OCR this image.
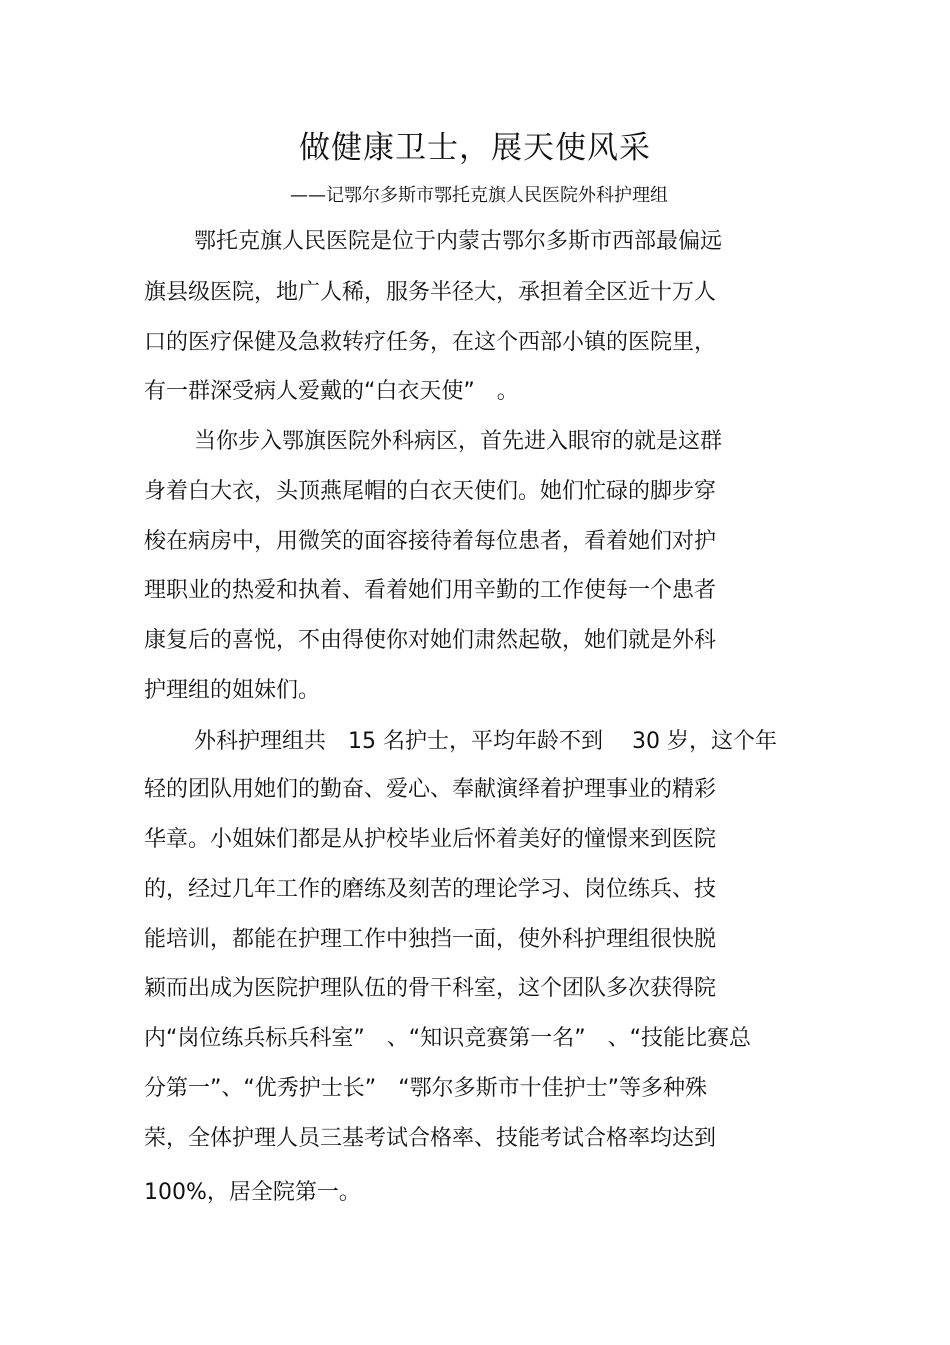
做健康卫士，展天使风采

——记鄂尔多斯市鄂托克旗人民医院外科护理组

鄂托克旗人民医院是位于内蒙古鄂尔多斯市西部最偏远

旗县级医院，地广人稀，服务半径大，承担着全区近十万人

口的医疗保健及急救转疗任务，在这个西部小镇的医院里，

有一群深受病人爱戴的“白衣天使”　。

当你步入鄂旗医院外科病区，首先进入眼帘的就是这群

身着白大衣，头顶燕尾帽的白衣天使们。她们忙碌的脚步穿

梭在病房中，用微笑的面容接待着每位患者，看着她们对护

理职业的热爱和执着、看着她们用辛勤的工作使每一个患者

康复后的喜悦，不由得使你对她们肃然起敬，她们就是外科

护理组的姐妹们。

外科护理组共　15 名护士，平均年龄不到　 30 岁，这个年

轻的团队用她们的勤奋、爱心、奉献演绎着护理事业的精彩

华章。小姐妹们都是从护校毕业后怀着美好的憧憬来到医院

的，经过几年工作的磨练及刻苦的理论学习、岗位练兵、技

能培训，都能在护理工作中独挡一面，使外科护理组很快脱

颖而出成为医院护理队伍的骨干科室，这个团队多次获得院

内“岗位练兵标兵科室”　、“知识竞赛第一名”　、“技能比赛总

分第一”、“优秀护士长”　“鄂尔多斯市十佳护士”等多种殊

荣，全体护理人员三基考试合格率、技能考试合格率均达到

100%，居全院第一。
